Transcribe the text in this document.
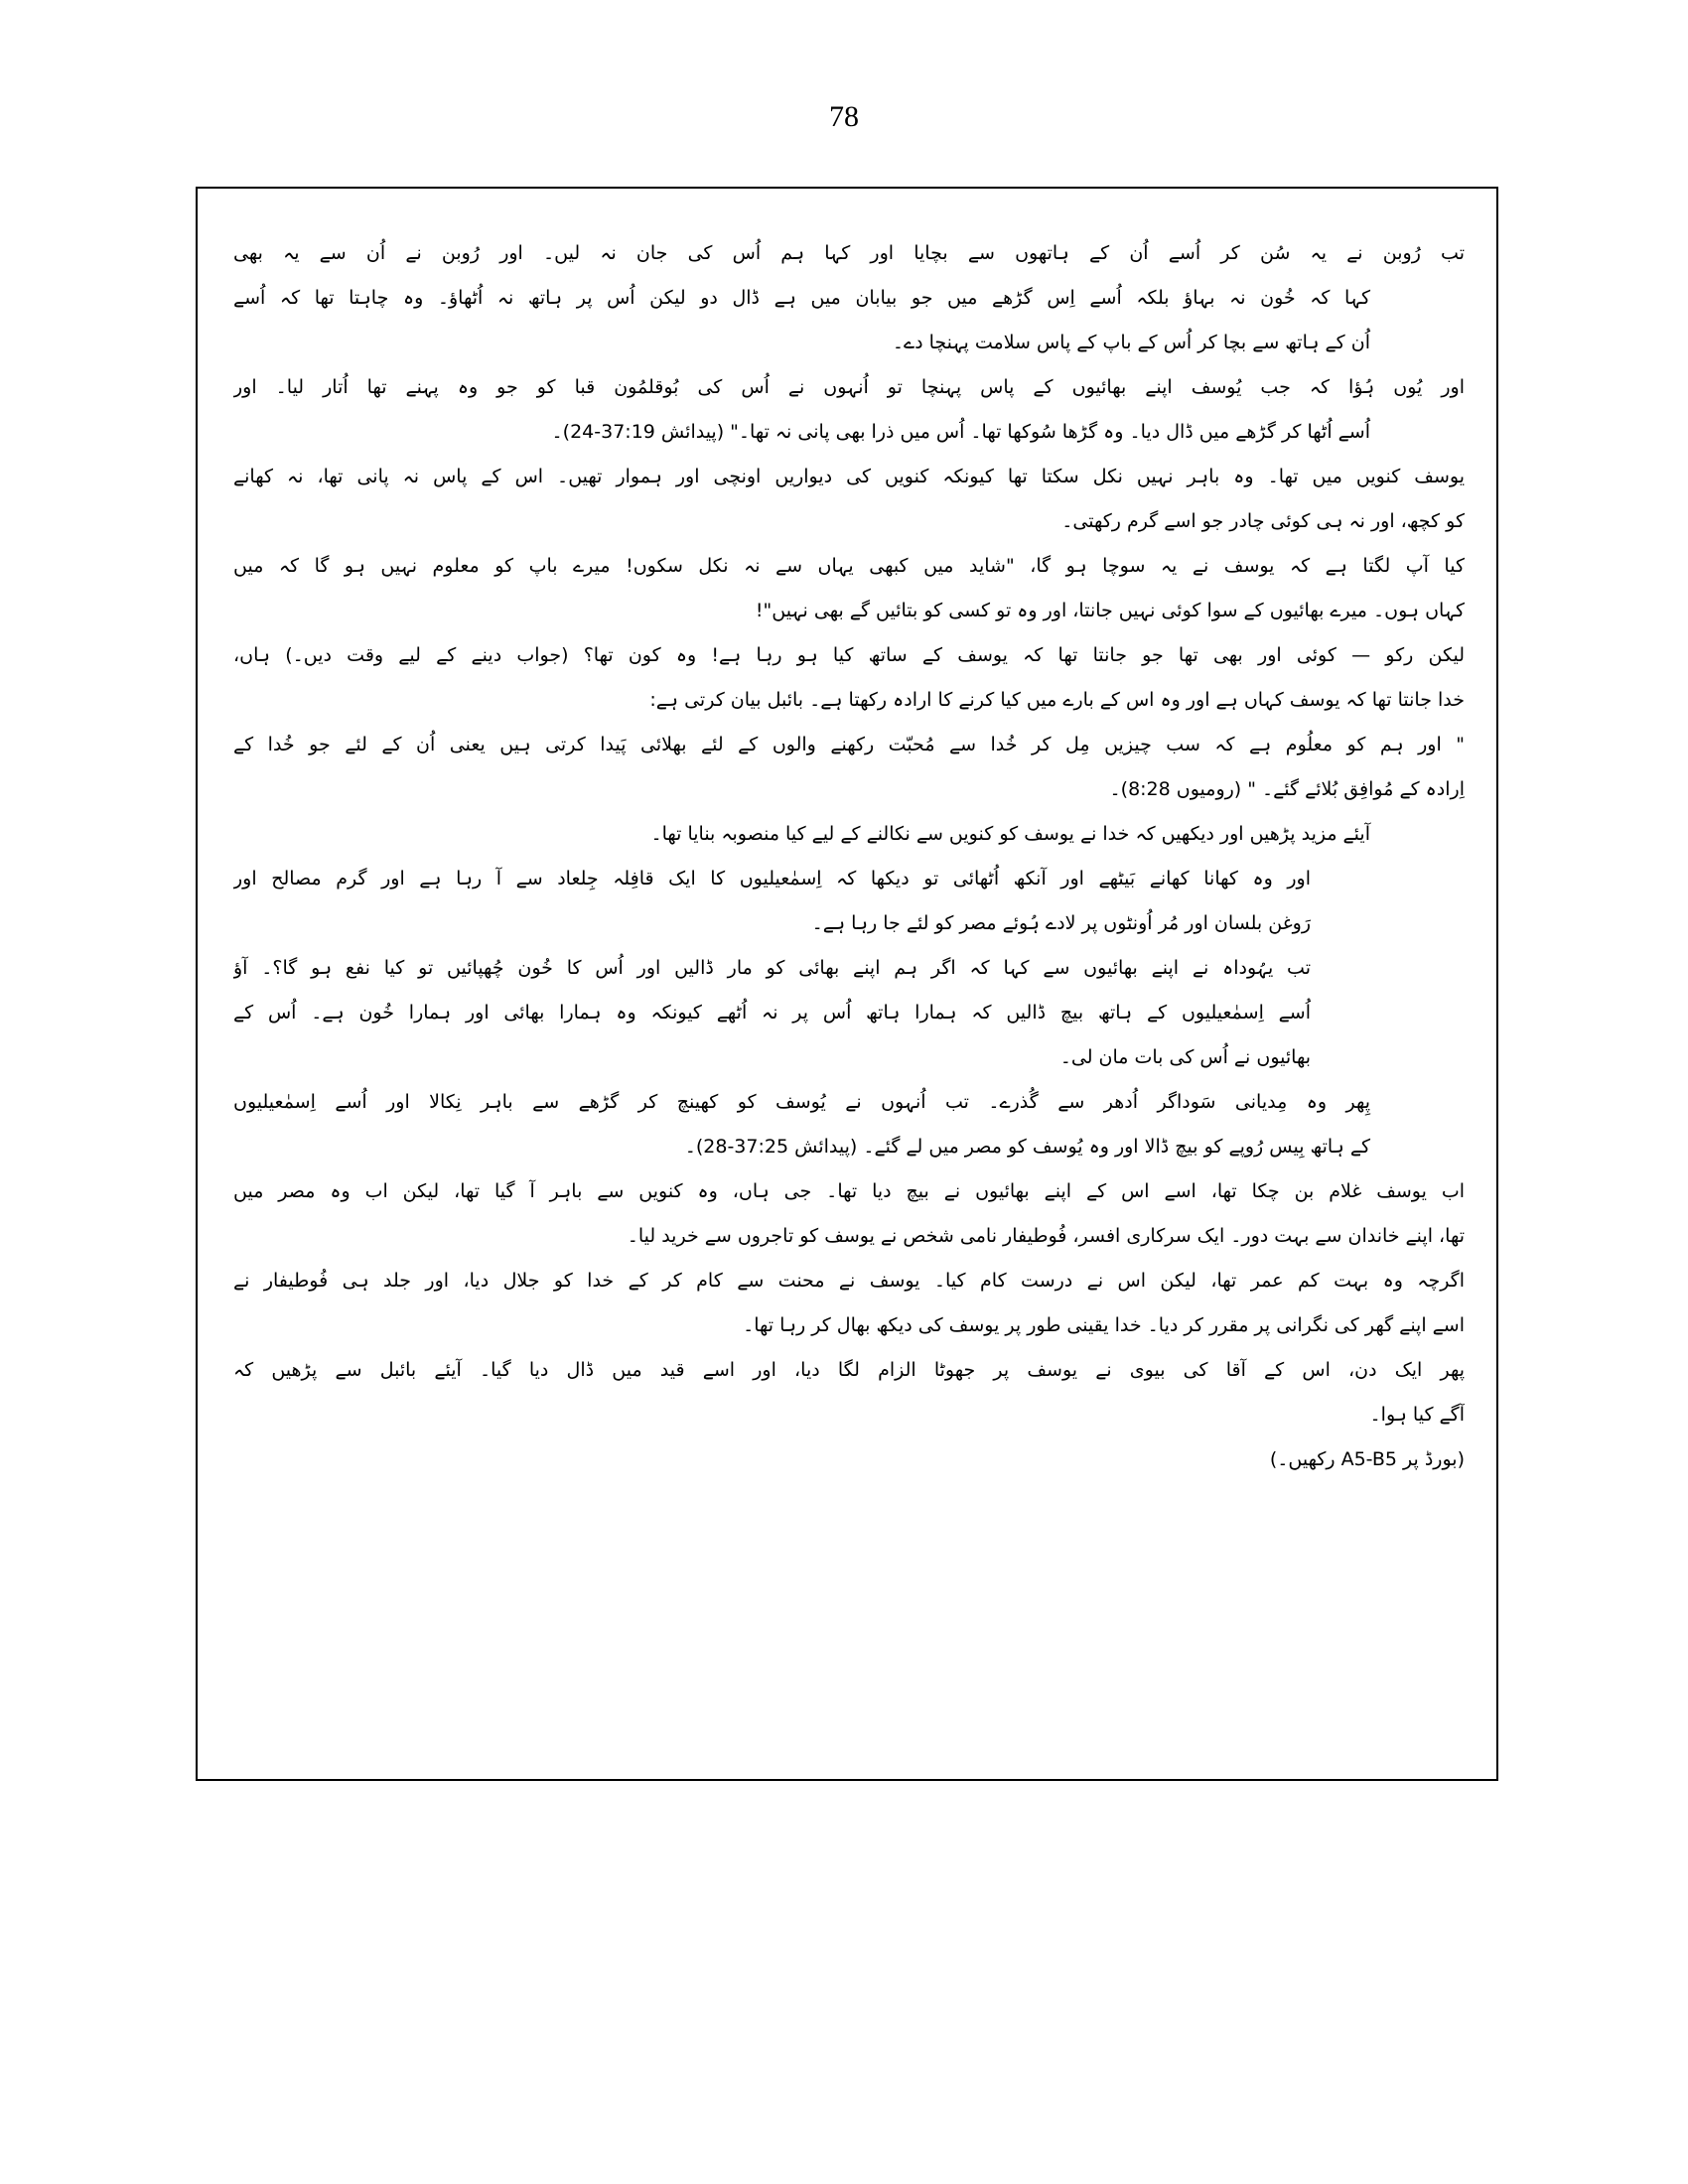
78
تب رُوبن نے یہ سُن کر اُسے اُن کے ہاتھوں سے بچایا اور کہا ہم اُس کی جان نہ لیں۔ اور رُوبن نے اُن سے یہ بھی
کہا کہ خُون نہ بہاؤ بلکہ اُسے اِس گڑھے میں جو بیابان میں ہے ڈال دو لیکن اُس پر ہاتھ نہ اُٹھاؤ۔ وہ چاہتا تھا کہ اُسے
اُن کے ہاتھ سے بچا کر اُس کے باپ کے پاس سلامت پہنچا دے۔
اور یُوں ہُؤا کہ جب یُوسف اپنے بھائیوں کے پاس پہنچا تو اُنہوں نے اُس کی بُوقلمُون قبا کو جو وہ پہنے تھا اُتار لیا۔ اور
اُسے اُٹھا کر گڑھے میں ڈال دیا۔ وہ گڑھا سُوکھا تھا۔ اُس میں ذرا بھی پانی نہ تھا۔" (پیدائش 37:19-24)۔
یوسف کنویں میں تھا۔ وہ باہر نہیں نکل سکتا تھا کیونکہ کنویں کی دیواریں اونچی اور ہموار تھیں۔ اس کے پاس نہ پانی تھا، نہ کھانے
کو کچھ، اور نہ ہی کوئی چادر جو اسے گرم رکھتی۔
کیا آپ لگتا ہے کہ یوسف نے یہ سوچا ہو گا، "شاید میں کبھی یہاں سے نہ نکل سکوں! میرے باپ کو معلوم نہیں ہو گا کہ میں
کہاں ہوں۔ میرے بھائیوں کے سوا کوئی نہیں جانتا، اور وہ تو کسی کو بتائیں گے بھی نہیں"!
لیکن رکو — کوئی اور بھی تھا جو جانتا تھا کہ یوسف کے ساتھ کیا ہو رہا ہے! وہ کون تھا؟ (جواب دینے کے لیے وقت دیں۔) ہاں،
خدا جانتا تھا کہ یوسف کہاں ہے اور وہ اس کے بارے میں کیا کرنے کا ارادہ رکھتا ہے۔ بائبل بیان کرتی ہے:
" اور ہم کو معلُوم ہے کہ سب چیزیں مِل کر خُدا سے مُحبّت رکھنے والوں کے لئے بھلائی پَیدا کرتی ہیں یعنی اُن کے لئے جو خُدا کے
اِرادہ کے مُوافِق بُلائے گئے۔ " (رومیوں 8:28)۔
آیئے مزید پڑھیں اور دیکھیں کہ خدا نے یوسف کو کنویں سے نکالنے کے لیے کیا منصوبہ بنایا تھا۔
اور وہ کھانا کھانے بَیٹھے اور آنکھ اُٹھائی تو دیکھا کہ اِسمٰعیلیوں کا ایک قافِلہ جِلعاد سے آ رہا ہے اور گرم مصالح اور
رَوغن بلسان اور مُر اُونٹوں پر لادے ہُوئے مصر کو لئے جا رہا ہے۔
تب یہُوداہ نے اپنے بھائیوں سے کہا کہ اگر ہم اپنے بھائی کو مار ڈالیں اور اُس کا خُون چُھپائیں تو کیا نفع ہو گا؟۔ آؤ
اُسے اِسمٰعیلیوں کے ہاتھ بیچ ڈالیں کہ ہمارا ہاتھ اُس پر نہ اُٹھے کیونکہ وہ ہمارا بھائی اور ہمارا خُون ہے۔ اُس کے
بھائیوں نے اُس کی بات مان لی۔
پِھر وہ مِدیانی سَوداگر اُدھر سے گُذرے۔ تب اُنہوں نے یُوسف کو کھینچ کر گڑھے سے باہر نِکالا اور اُسے اِسمٰعیلیوں
کے ہاتھ بِیس رُوپے کو بیچ ڈالا اور وہ یُوسف کو مصر میں لے گئے۔ (پیدائش 37:25-28)۔
اب یوسف غلام بن چکا تھا، اسے اس کے اپنے بھائیوں نے بیچ دیا تھا۔ جی ہاں، وہ کنویں سے باہر آ گیا تھا، لیکن اب وہ مصر میں
تھا، اپنے خاندان سے بہت دور۔ ایک سرکاری افسر، فُوطیفار نامی شخص نے یوسف کو تاجروں سے خرید لیا۔
اگرچہ وہ بہت کم عمر تھا، لیکن اس نے درست کام کیا۔ یوسف نے محنت سے کام کر کے خدا کو جلال دیا، اور جلد ہی فُوطیفار نے
اسے اپنے گھر کی نگرانی پر مقرر کر دیا۔ خدا یقینی طور پر یوسف کی دیکھ بھال کر رہا تھا۔
پھر ایک دن، اس کے آقا کی بیوی نے یوسف پر جھوٹا الزام لگا دیا، اور اسے قید میں ڈال دیا گیا۔ آیئے بائبل سے پڑھیں کہ
آگے کیا ہوا۔
(بورڈ پر A5-B5 رکھیں۔)
